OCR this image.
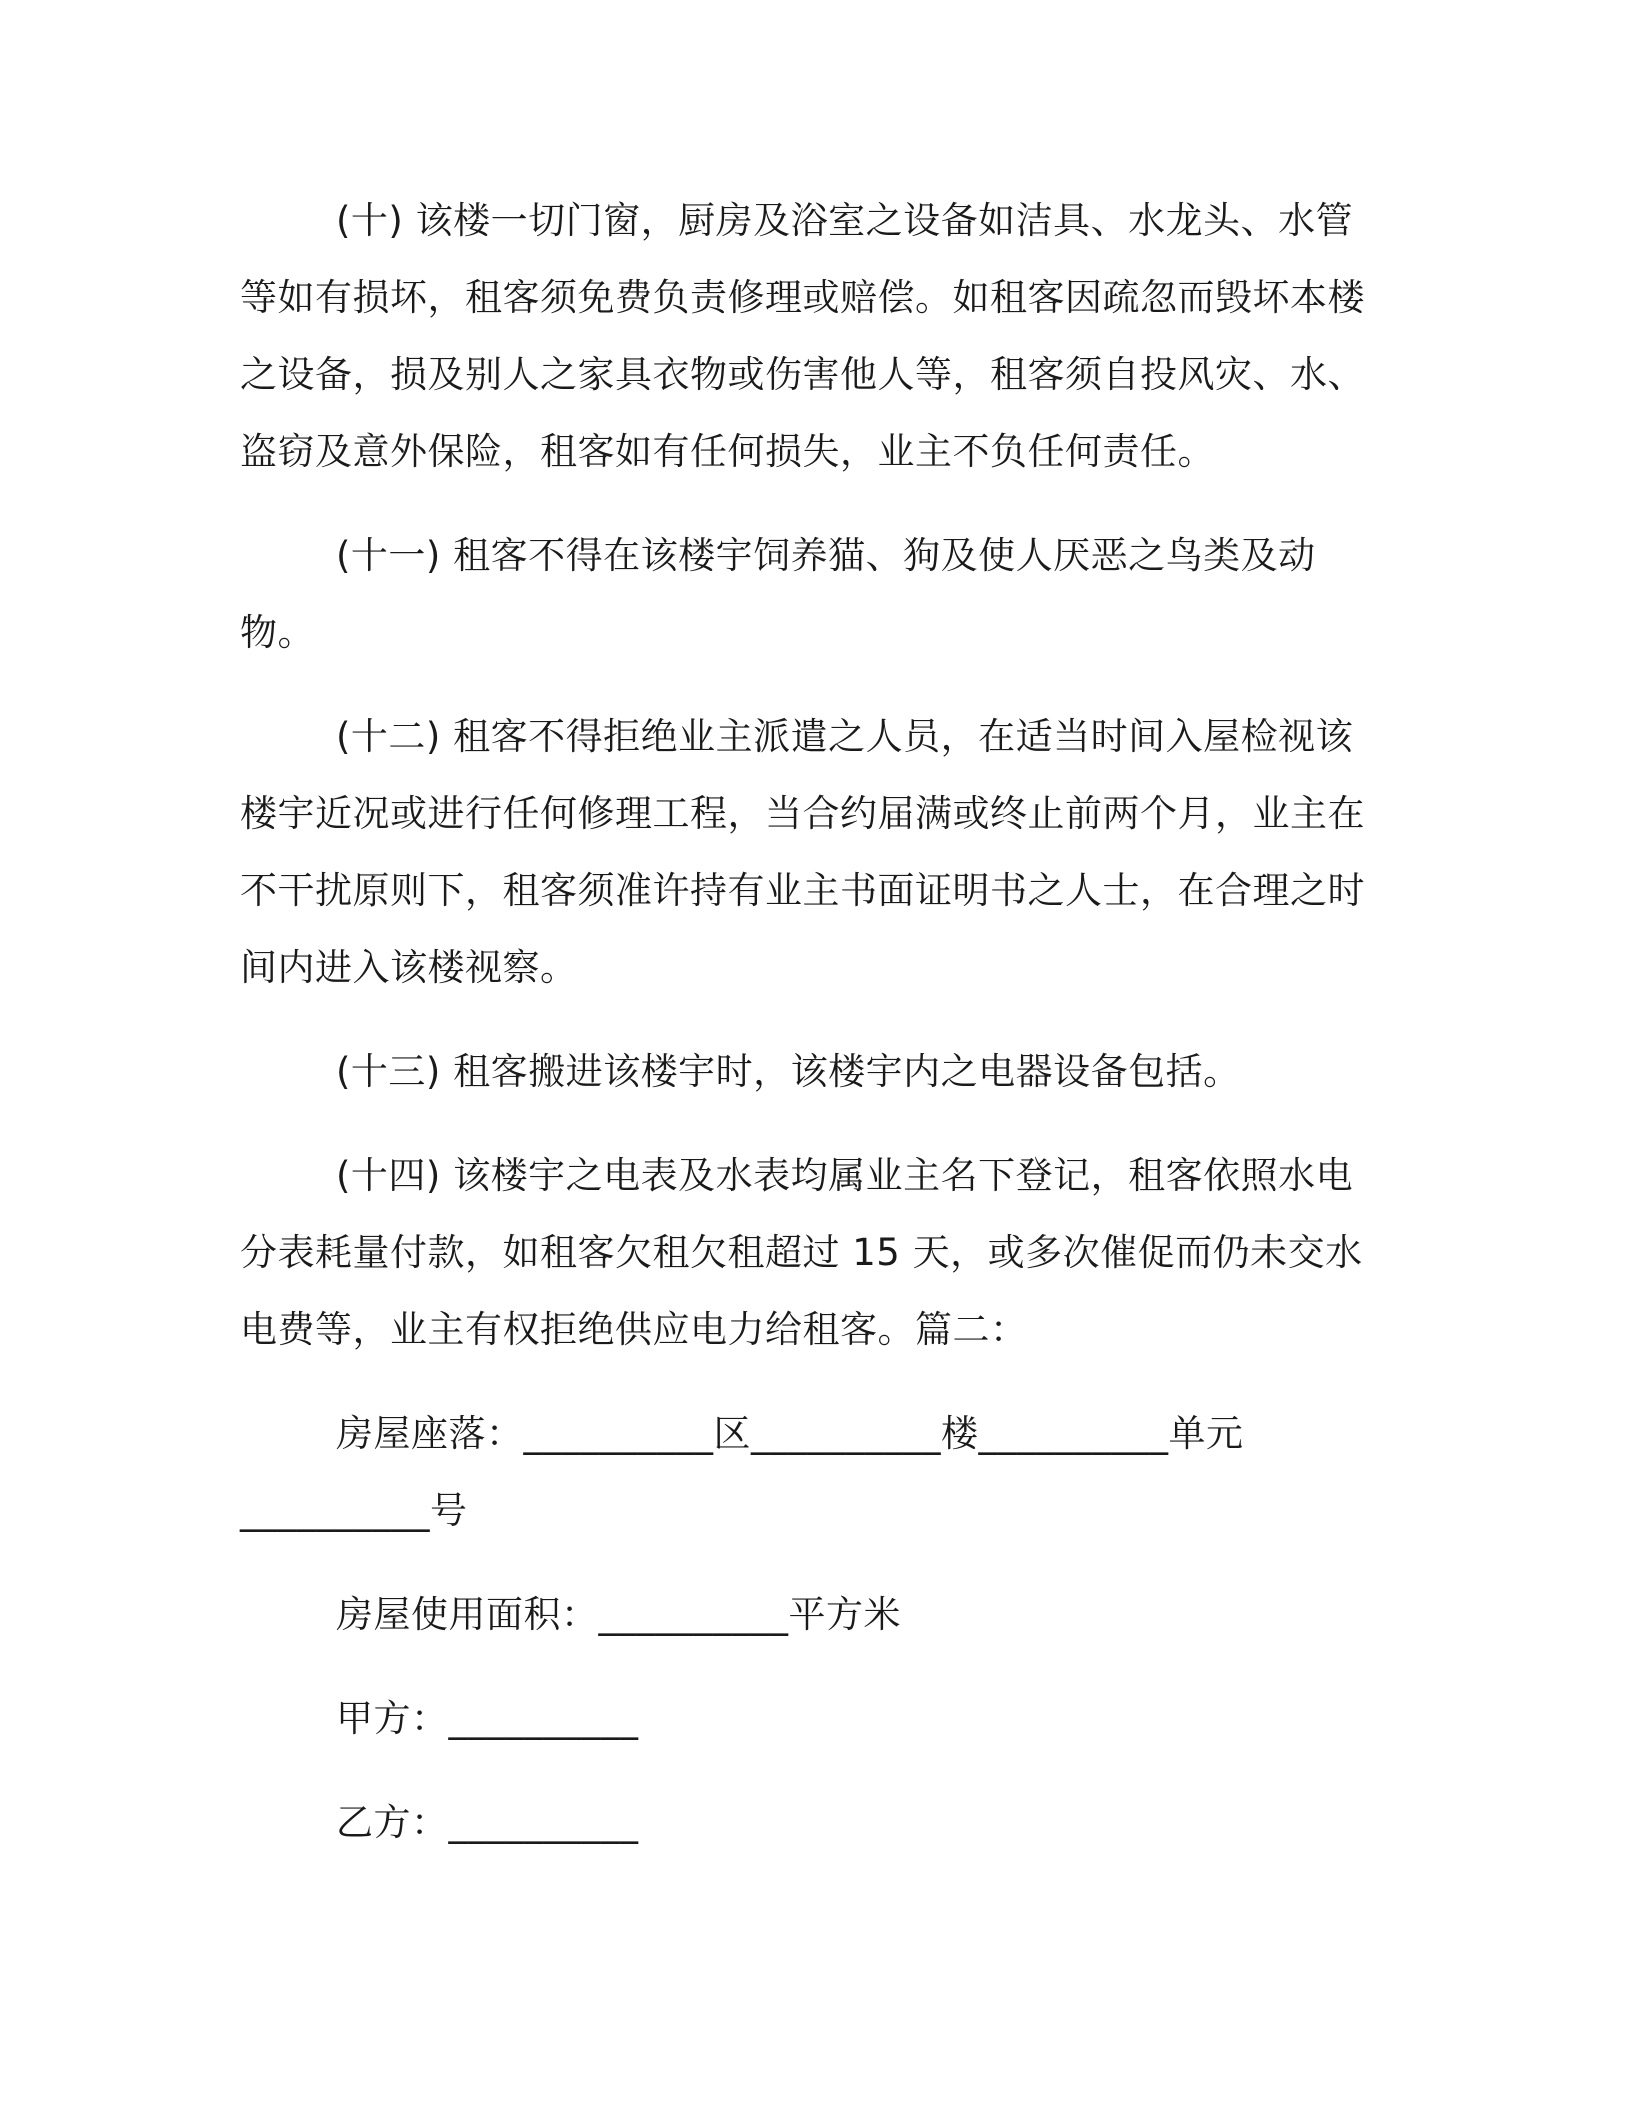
(十) 该楼一切门窗，厨房及浴室之设备如洁具、水龙头、水管等如有损坏，租客须免费负责修理或赔偿。如租客因疏忽而毁坏本楼之设备，损及别人之家具衣物或伤害他人等，租客须自投风灾、水、盗窃及意外保险，租客如有任何损失，业主不负任何责任。

(十一) 租客不得在该楼宇饲养猫、狗及使人厌恶之鸟类及动物。

(十二) 租客不得拒绝业主派遣之人员，在适当时间入屋检视该楼宇近况或进行任何修理工程，当合约届满或终止前两个月，业主在不干扰原则下，租客须准许持有业主书面证明书之人士，在合理之时间内进入该楼视察。

(十三) 租客搬进该楼宇时，该楼宇内之电器设备包括。

(十四) 该楼宇之电表及水表均属业主名下登记，租客依照水电分表耗量付款，如租客欠租欠租超过 15 天，或多次催促而仍未交水电费等，业主有权拒绝供应电力给租客。篇二：

房屋座落：__________区__________楼__________单元__________号

房屋使用面积：__________平方米

甲方：__________

乙方：__________
